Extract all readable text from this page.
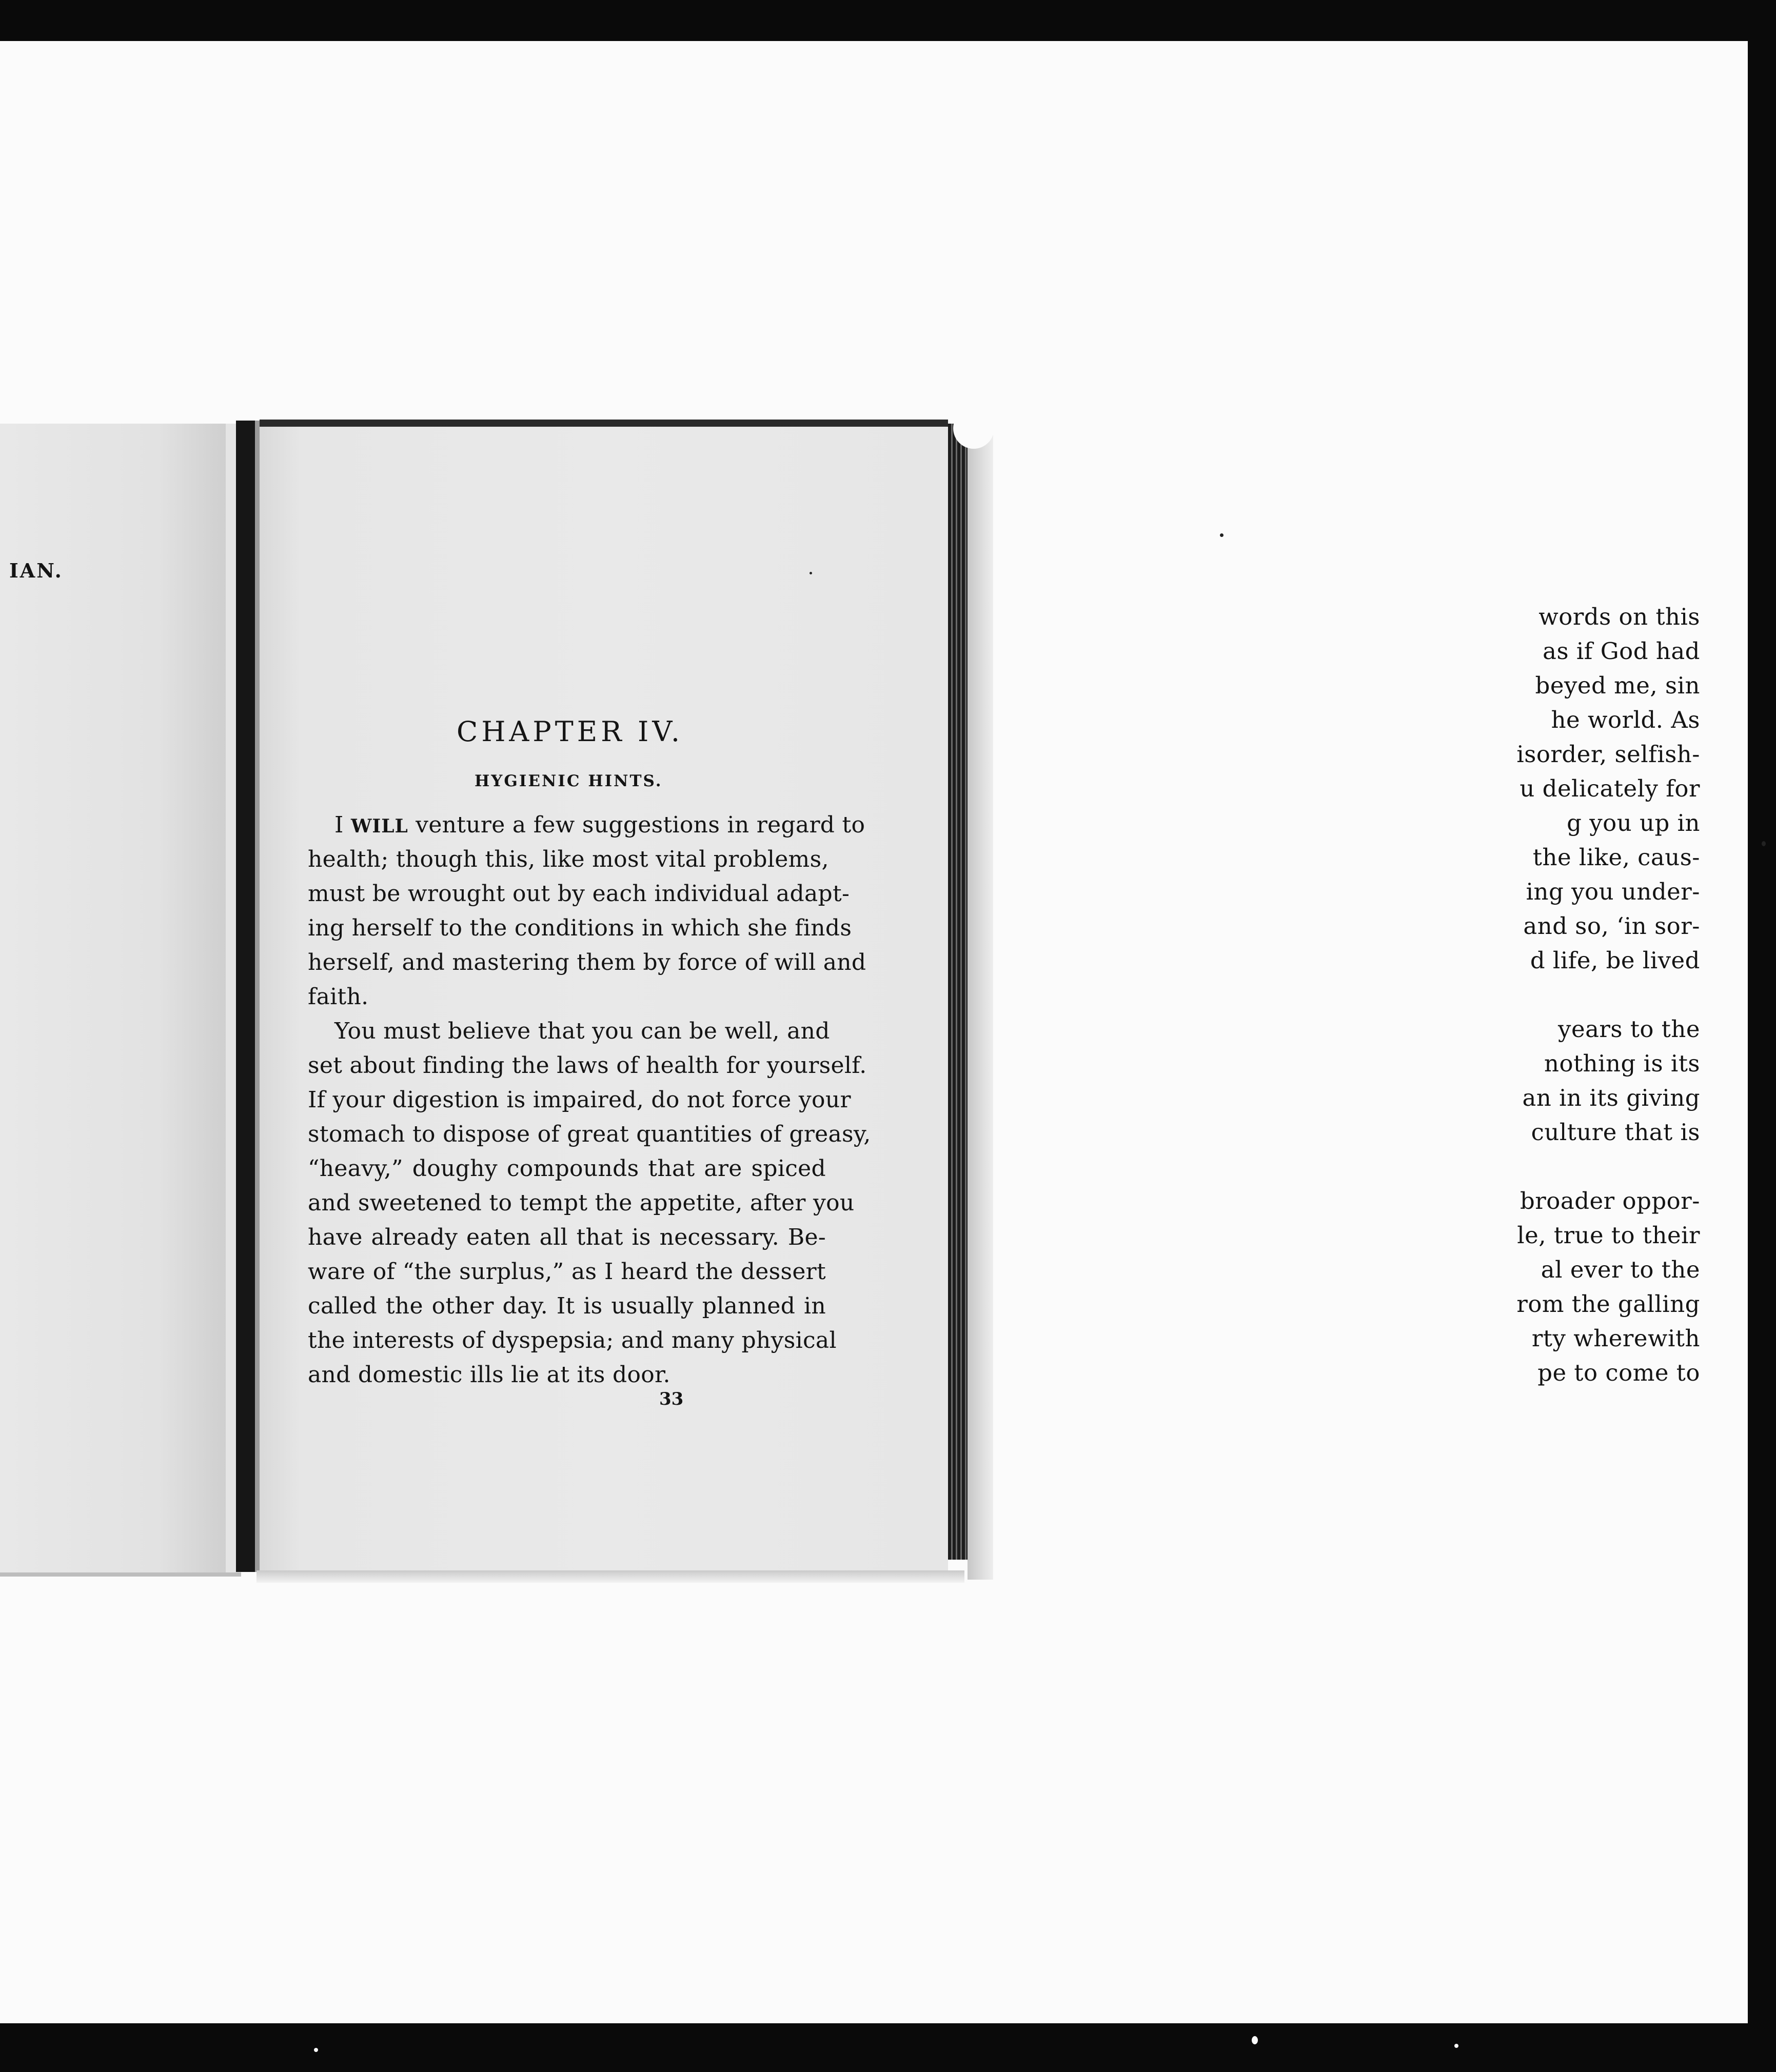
IAN.
words on this
as if God had
beyed me, sin
he world. As
isorder, selfish-
u delicately for
g you up in
the like, caus-
ing you under-
and so, ‘in sor-
d life, be lived
years to the
nothing is its
an in its giving
culture that is
broader oppor-
le, true to their
al ever to the
rom the galling
rty wherewith
pe to come to
CHAPTER IV.
HYGIENIC HINTS.
I WILL venture a few suggestions in regard to
health; though this, like most vital problems,
must be wrought out by each individual adapt-
ing herself to the conditions in which she finds
herself, and mastering them by force of will and
faith.
You must believe that you can be well, and
set about finding the laws of health for yourself.
If your digestion is impaired, do not force your
stomach to dispose of great quantities of greasy,
“heavy,” doughy compounds that are spiced
and sweetened to tempt the appetite, after you
have already eaten all that is necessary. Be-
ware of “the surplus,” as I heard the dessert
called the other day. It is usually planned in
the interests of dyspepsia; and many physical
and domestic ills lie at its door.
33
